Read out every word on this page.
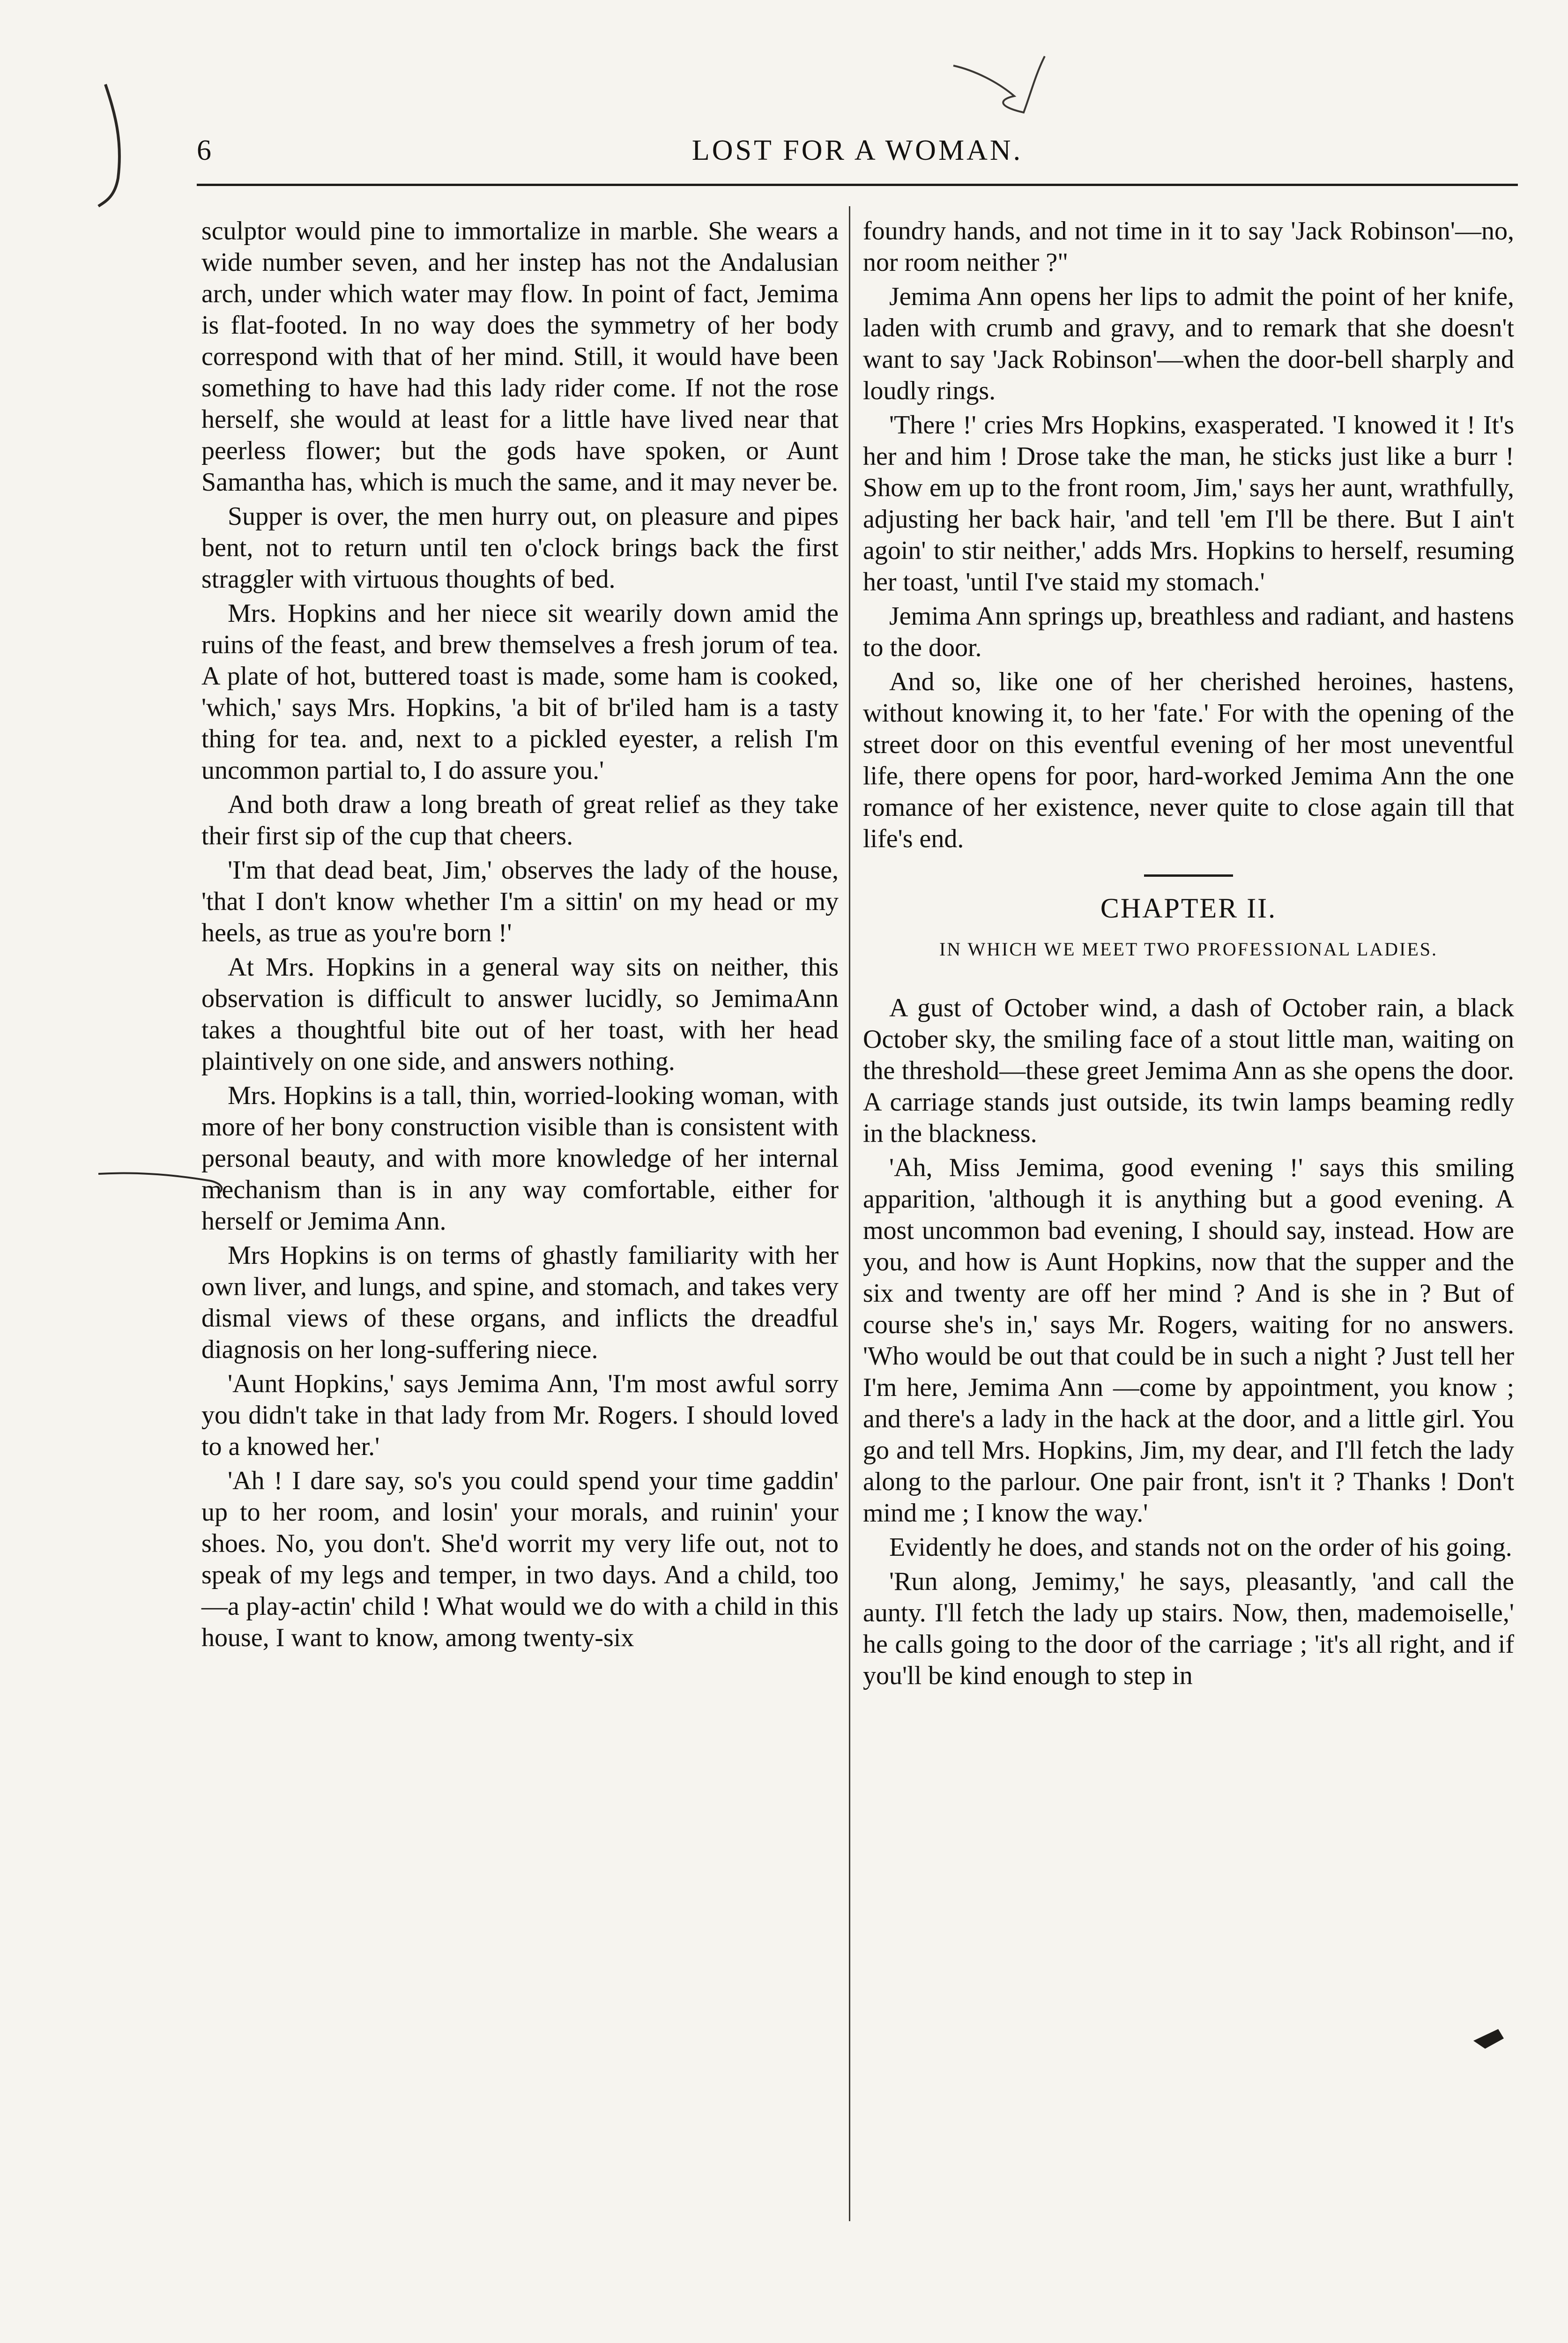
6	LOST FOR A WOMAN.

sculptor would pine to immortalize in marble. She wears a wide number seven, and her instep has not the Andalusian arch, under which water may flow. In point of fact, Jemima is flat-footed. In no way does the symmetry of her body correspond with that of her mind. Still, it would have been something to have had this lady rider come. If not the rose herself, she would at least for a little have lived near that peerless flower; but the gods have spoken, or Aunt Samantha has, which is much the same, and it may never be.

Supper is over, the men hurry out, on pleasure and pipes bent, not to return until ten o'clock brings back the first straggler with virtuous thoughts of bed.

Mrs. Hopkins and her niece sit wearily down amid the ruins of the feast, and brew themselves a fresh jorum of tea. A plate of hot, buttered toast is made, some ham is cooked, 'which,' says Mrs. Hopkins, 'a bit of br'iled ham is a tasty thing for tea. and, next to a pickled eyester, a relish I'm uncommon partial to, I do assure you.'

And both draw a long breath of great relief as they take their first sip of the cup that cheers.

'I'm that dead beat, Jim,' observes the lady of the house, 'that I don't know whether I'm a sittin' on my head or my heels, as true as you're born !'

At Mrs. Hopkins in a general way sits on neither, this observation is difficult to answer lucidly, so JemimaAnn takes a thoughtful bite out of her toast, with her head plaintively on one side, and answers nothing.

Mrs. Hopkins is a tall, thin, worried-looking woman, with more of her bony construction visible than is consistent with personal beauty, and with more knowledge of her internal mechanism than is in any way comfortable, either for herself or Jemima Ann.

Mrs Hopkins is on terms of ghastly familiarity with her own liver, and lungs, and spine, and stomach, and takes very dismal views of these organs, and inflicts the dreadful diagnosis on her long-suffering niece.

'Aunt Hopkins,' says Jemima Ann, 'I'm most awful sorry you didn't take in that lady from Mr. Rogers. I should loved to a knowed her.'

'Ah ! I dare say, so's you could spend your time gaddin' up to her room, and losin' your morals, and ruinin' your shoes. No, you don't. She'd worrit my very life out, not to speak of my legs and temper, in two days. And a child, too—a play-actin' child ! What would we do with a child in this house, I want to know, among twenty-six

foundry hands, and not time in it to say 'Jack Robinson'—no, nor room neither ?"

Jemima Ann opens her lips to admit the point of her knife, laden with crumb and gravy, and to remark that she doesn't want to say 'Jack Robinson'—when the door-bell sharply and loudly rings.

'There !' cries Mrs Hopkins, exasperated. 'I knowed it ! It's her and him ! Drose take the man, he sticks just like a burr ! Show em up to the front room, Jim,' says her aunt, wrathfully, adjusting her back hair, 'and tell 'em I'll be there. But I ain't agoin' to stir neither,' adds Mrs. Hopkins to herself, resuming her toast, 'until I've staid my stomach.'

Jemima Ann springs up, breathless and radiant, and hastens to the door.

And so, like one of her cherished heroines, hastens, without knowing it, to her 'fate.' For with the opening of the street door on this eventful evening of her most uneventful life, there opens for poor, hard-worked Jemima Ann the one romance of her existence, never quite to close again till that life's end.

CHAPTER II.
IN WHICH WE MEET TWO PROFESSIONAL LADIES.

A gust of October wind, a dash of October rain, a black October sky, the smiling face of a stout little man, waiting on the threshold—these greet Jemima Ann as she opens the door. A carriage stands just outside, its twin lamps beaming redly in the blackness.

'Ah, Miss Jemima, good evening !' says this smiling apparition, 'although it is anything but a good evening. A most uncommon bad evening, I should say, instead. How are you, and how is Aunt Hopkins, now that the supper and the six and twenty are off her mind ? And is she in ? But of course she's in,' says Mr. Rogers, waiting for no answers. 'Who would be out that could be in such a night ? Just tell her I'm here, Jemima Ann —come by appointment, you know ; and there's a lady in the hack at the door, and a little girl. You go and tell Mrs. Hopkins, Jim, my dear, and I'll fetch the lady along to the parlour. One pair front, isn't it ? Thanks ! Don't mind me ; I know the way.'

Evidently he does, and stands not on the order of his going.

'Run along, Jemimy,' he says, pleasantly, 'and call the aunty. I'll fetch the lady up stairs. Now, then, mademoiselle,' he calls going to the door of the carriage ; 'it's all right, and if you'll be kind enough to step in
